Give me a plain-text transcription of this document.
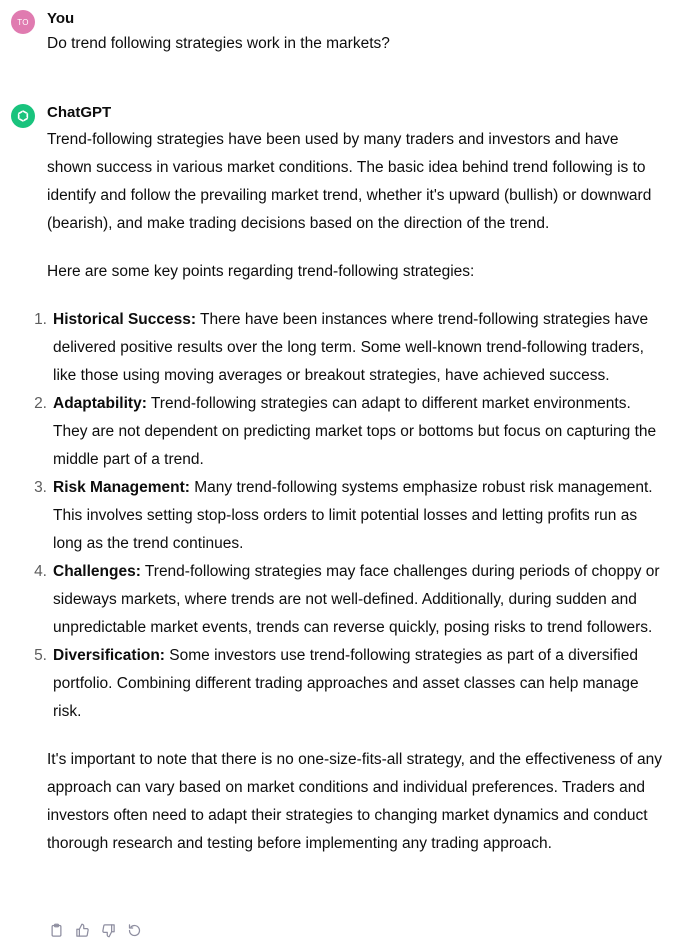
TO You
Do trend following strategies work in the markets?
ChatGPT

Trend-following strategies have been used by many traders and investors and have shown success in various market conditions. The basic idea behind trend following is to identify and follow the prevailing market trend, whether it's upward (bullish) or downward (bearish), and make trading decisions based on the direction of the trend.

Here are some key points regarding trend-following strategies:

1. Historical Success: There have been instances where trend-following strategies have delivered positive results over the long term. Some well-known trend-following traders, like those using moving averages or breakout strategies, have achieved success.
2. Adaptability: Trend-following strategies can adapt to different market environments. They are not dependent on predicting market tops or bottoms but focus on capturing the middle part of a trend.
3. Risk Management: Many trend-following systems emphasize robust risk management. This involves setting stop-loss orders to limit potential losses and letting profits run as long as the trend continues.
4. Challenges: Trend-following strategies may face challenges during periods of choppy or sideways markets, where trends are not well-defined. Additionally, during sudden and unpredictable market events, trends can reverse quickly, posing risks to trend followers.
5. Diversification: Some investors use trend-following strategies as part of a diversified portfolio. Combining different trading approaches and asset classes can help manage risk.

It's important to note that there is no one-size-fits-all strategy, and the effectiveness of any approach can vary based on market conditions and individual preferences. Traders and investors often need to adapt their strategies to changing market dynamics and conduct thorough research and testing before implementing any trading approach.
